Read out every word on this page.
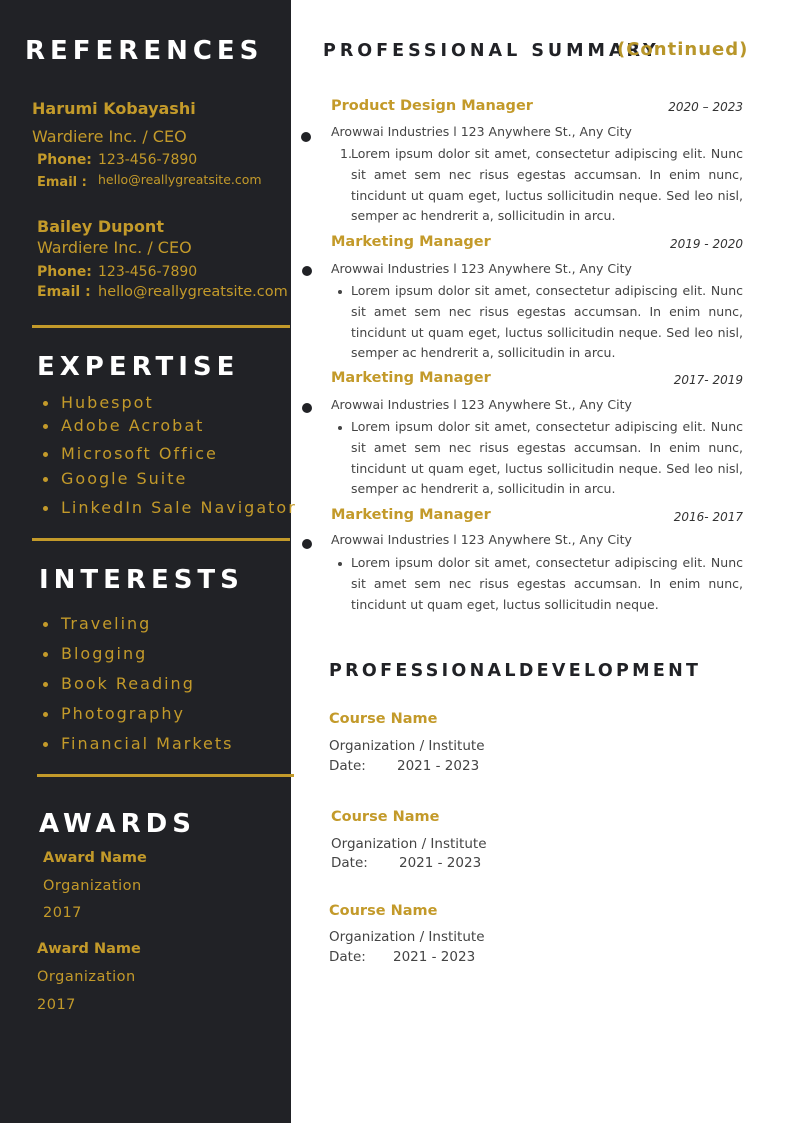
REFERENCES
Harumi Kobayashi
Wardiere Inc. / CEO
Phone: 123-456-7890
Email : hello@reallygreatsite.com
Bailey Dupont
Wardiere Inc. / CEO
Phone: 123-456-7890
Email : hello@reallygreatsite.com
EXPERTISE
Hubespot
Adobe Acrobat
Microsoft Office
Google Suite
LinkedIn Sale Navigator
INTERESTS
Traveling
Blogging
Book Reading
Photography
Financial Markets
AWARDS
Award Name
Organization
2017
Award Name
Organization
2017
PROFESSIONAL SUMMARY
(Continued)
Product Design Manager	2020 – 2023
Arowwai Industries l 123 Anywhere St., Any City
1. Lorem ipsum dolor sit amet, consectetur adipiscing elit. Nunc sit amet sem nec risus egestas accumsan. In enim nunc, tincidunt ut quam eget, luctus sollicitudin neque. Sed leo nisl, semper ac hendrerit a, sollicitudin in arcu.

Marketing Manager	2019 - 2020
Arowwai Industries l 123 Anywhere St., Any City

Lorem ipsum dolor sit amet, consectetur adipiscing elit. Nunc sit amet sem nec risus egestas accumsan. In enim nunc, tincidunt ut quam eget, luctus sollicitudin neque. Sed leo nisl, semper ac hendrerit a, sollicitudin in arcu.

Marketing Manager	2017- 2019
Arowwai Industries l 123 Anywhere St., Any City

Lorem ipsum dolor sit amet, consectetur adipiscing elit. Nunc sit amet sem nec risus egestas accumsan. In enim nunc, tincidunt ut quam eget, luctus sollicitudin neque. Sed leo nisl, semper ac hendrerit a, sollicitudin in arcu.

Marketing Manager	2016- 2017
Arowwai Industries l 123 Anywhere St., Any City

Lorem ipsum dolor sit amet, consectetur adipiscing elit. Nunc sit amet sem nec risus egestas accumsan. In enim nunc, tincidunt ut quam eget, luctus sollicitudin neque.

PROFESSIONALDEVELOPMENT
Course Name
Organization / Institute
Date: 2021 - 2023
Course Name
Organization / Institute
Date: 2021 - 2023
Course Name
Organization / Institute
Date: 2021 - 2023
